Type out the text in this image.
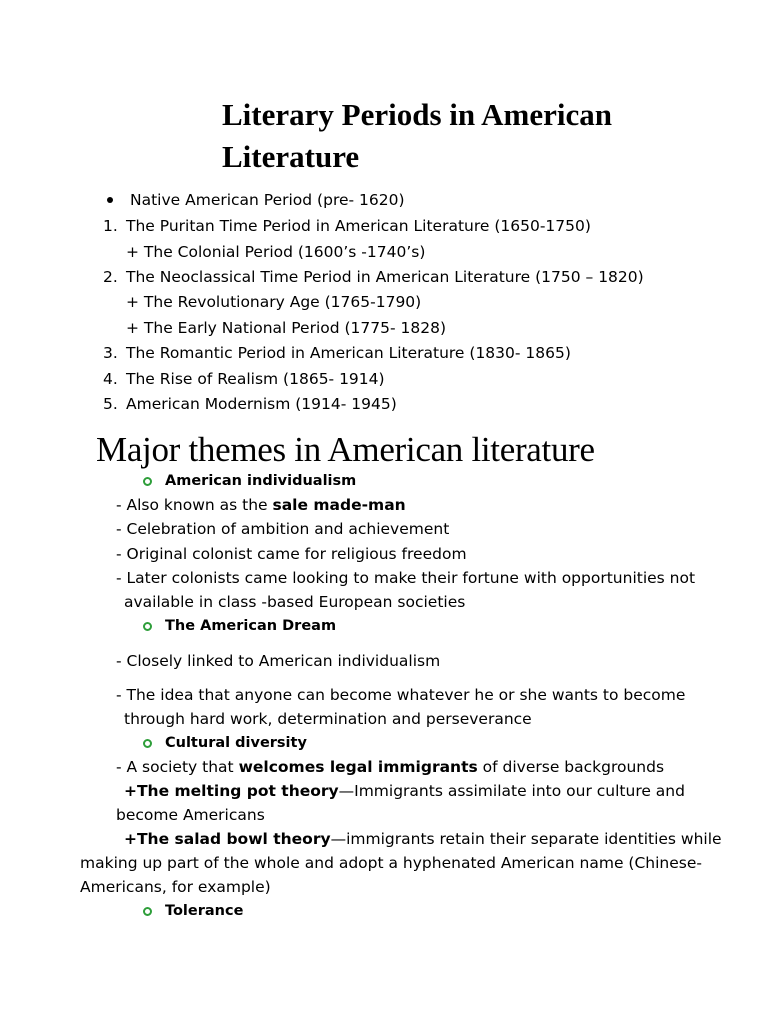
Literary Periods in American
Literature
Native American Period (pre- 1620)
1. The Puritan Time Period in American Literature (1650-1750)
+ The Colonial Period (1600’s -1740’s)
2. The Neoclassical Time Period in American Literature (1750 – 1820)
+ The Revolutionary Age (1765-1790)
+ The Early National Period (1775- 1828)
3. The Romantic Period in American Literature (1830- 1865)
4. The Rise of Realism (1865- 1914)
5. American Modernism (1914- 1945)
Major themes in American literature
American individualism
- Also known as the sale made-man
- Celebration of ambition and achievement
- Original colonist came for religious freedom
- Later colonists came looking to make their fortune with opportunities not
available in class -based European societies
The American Dream
- Closely linked to American individualism
- The idea that anyone can become whatever he or she wants to become
through hard work, determination and perseverance
Cultural diversity
- A society that welcomes legal immigrants of diverse backgrounds
+The melting pot theory—Immigrants assimilate into our culture and
become Americans
+The salad bowl theory—immigrants retain their separate identities while
making up part of the whole and adopt a hyphenated American name (Chinese-
Americans, for example)
Tolerance
